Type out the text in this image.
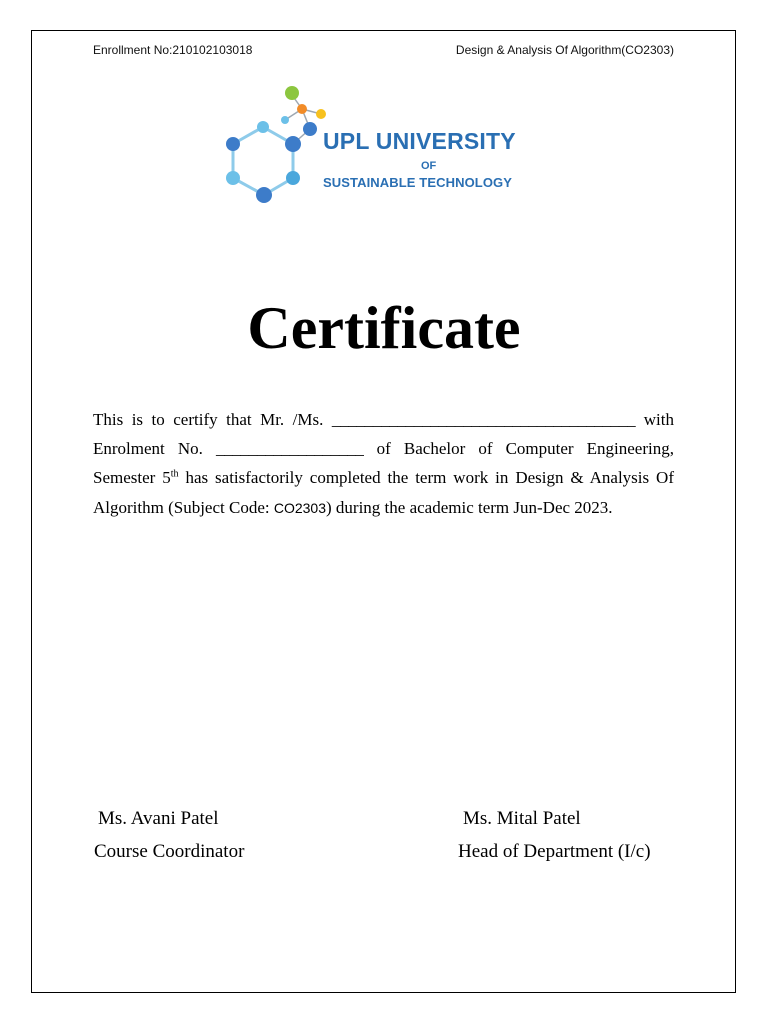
Enrollment No:210102103018	Design & Analysis Of Algorithm(CO2303)
UPL UNIVERSITY
OF
SUSTAINABLE TECHNOLOGY
Certificate

This is to certify that Mr. /Ms. _____________________________________ with Enrolment No. __________________ of Bachelor of Computer Engineering, Semester 5th has satisfactorily completed the term work in Design & Analysis Of Algorithm (Subject Code: CO2303) during the academic term Jun-Dec 2023.

Ms. Avani Patel
Course Coordinator
Ms. Mital Patel
Head of Department (I/c)
